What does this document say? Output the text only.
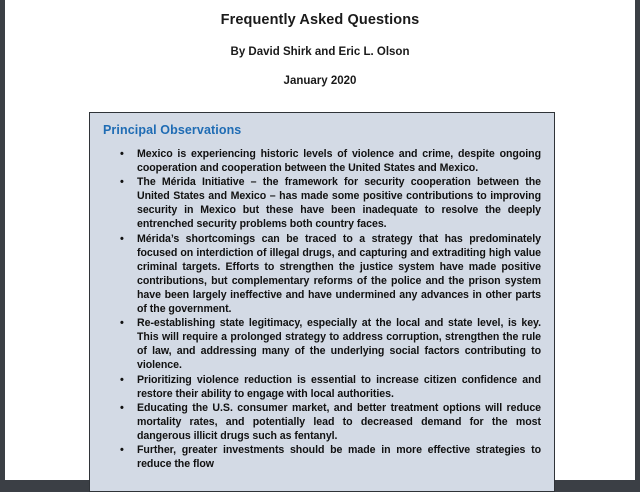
Frequently Asked Questions
By David Shirk and Eric L. Olson
January 2020
Principal Observations
• Mexico is experiencing historic levels of violence and crime, despite ongoing cooperation and cooperation between the United States and Mexico.
• The Mérida Initiative – the framework for security cooperation between the United States and Mexico – has made some positive contributions to improving security in Mexico but these have been inadequate to resolve the deeply entrenched security problems both country faces.
• Mérida’s shortcomings can be traced to a strategy that has predominately focused on interdiction of illegal drugs, and capturing and extraditing high value criminal targets. Efforts to strengthen the justice system have made positive contributions, but complementary reforms of the police and the prison system have been largely ineffective and have undermined any advances in other parts of the government.
• Re-establishing state legitimacy, especially at the local and state level, is key. This will require a prolonged strategy to address corruption, strengthen the rule of law, and addressing many of the underlying social factors contributing to violence.
• Prioritizing violence reduction is essential to increase citizen confidence and restore their ability to engage with local authorities.
• Educating the U.S. consumer market, and better treatment options will reduce mortality rates, and potentially lead to decreased demand for the most dangerous illicit drugs such as fentanyl.
• Further, greater investments should be made in more effective strategies to reduce the flow
